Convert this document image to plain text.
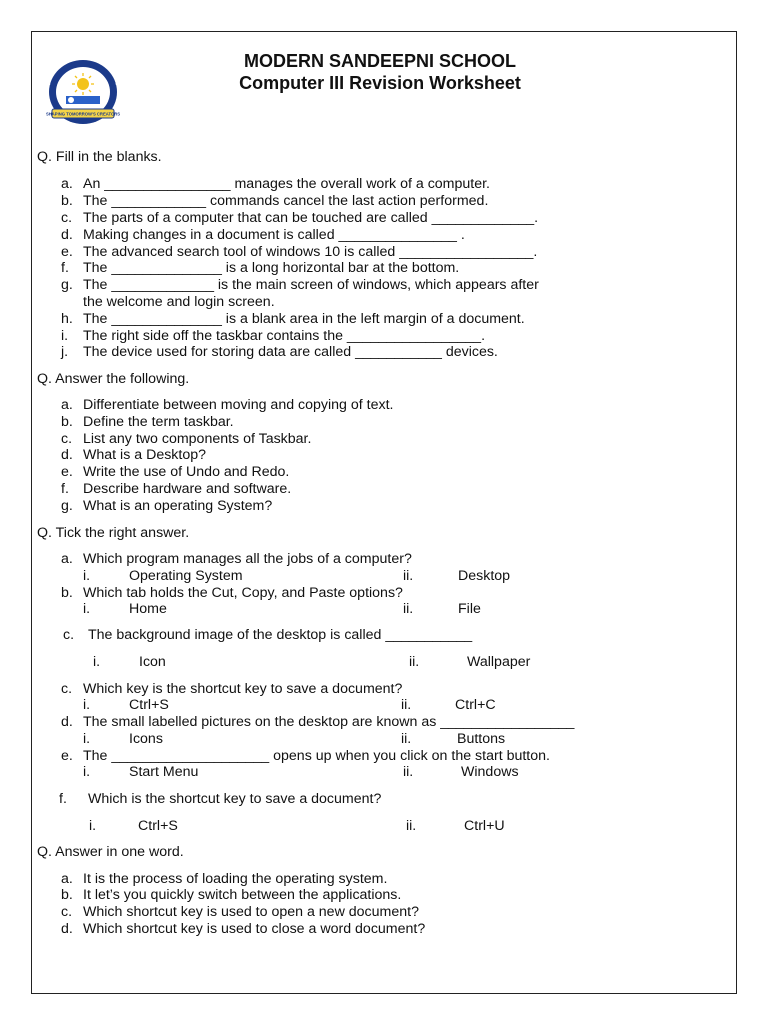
MODERN SANDEEPNI SCHOOL
SHAPING TOMORROW'S CREATORS
MODERN SANDEEPNI SCHOOL
Computer III Revision Worksheet
Q. Fill in the blanks.
a. An ________________ manages the overall work of a computer.
b. The ____________ commands cancel the last action performed.
c. The parts of a computer that can be touched are called _____________.
d. Making changes in a document is called _______________ .
e. The advanced search tool of windows 10 is called _________________.
f. The ______________ is a long horizontal bar at the bottom.
g. The _____________ is the main screen of windows, which appears after
the welcome and login screen.
h. The ______________ is a blank area in the left margin of a document.
i. The right side off the taskbar contains the _________________.
j. The device used for storing data are called ___________ devices.
Q. Answer the following.
a. Differentiate between moving and copying of text.
b. Define the term taskbar.
c. List any two components of Taskbar.
d. What is a Desktop?
e. Write the use of Undo and Redo.
f. Describe hardware and software.
g. What is an operating System?
Q. Tick the right answer.
a. Which program manages all the jobs of a computer?
i.	Operating System	ii.	Desktop
b. Which tab holds the Cut, Copy, and Paste options?
i.	Home	ii.	File
c. The background image of the desktop is called ___________
i.	Icon	ii.	Wallpaper
c. Which key is the shortcut key to save a document?
i.	Ctrl+S	ii.	Ctrl+C
d. The small labelled pictures on the desktop are known as _________________
i.	Icons	ii.	Buttons
e. The ____________________ opens up when you click on the start button.
i.	Start Menu	ii.	Windows
f. Which is the shortcut key to save a document?
i.	Ctrl+S	ii.	Ctrl+U
Q. Answer in one word.
a. It is the process of loading the operating system.
b. It let’s you quickly switch between the applications.
c. Which shortcut key is used to open a new document?
d. Which shortcut key is used to close a word document?
